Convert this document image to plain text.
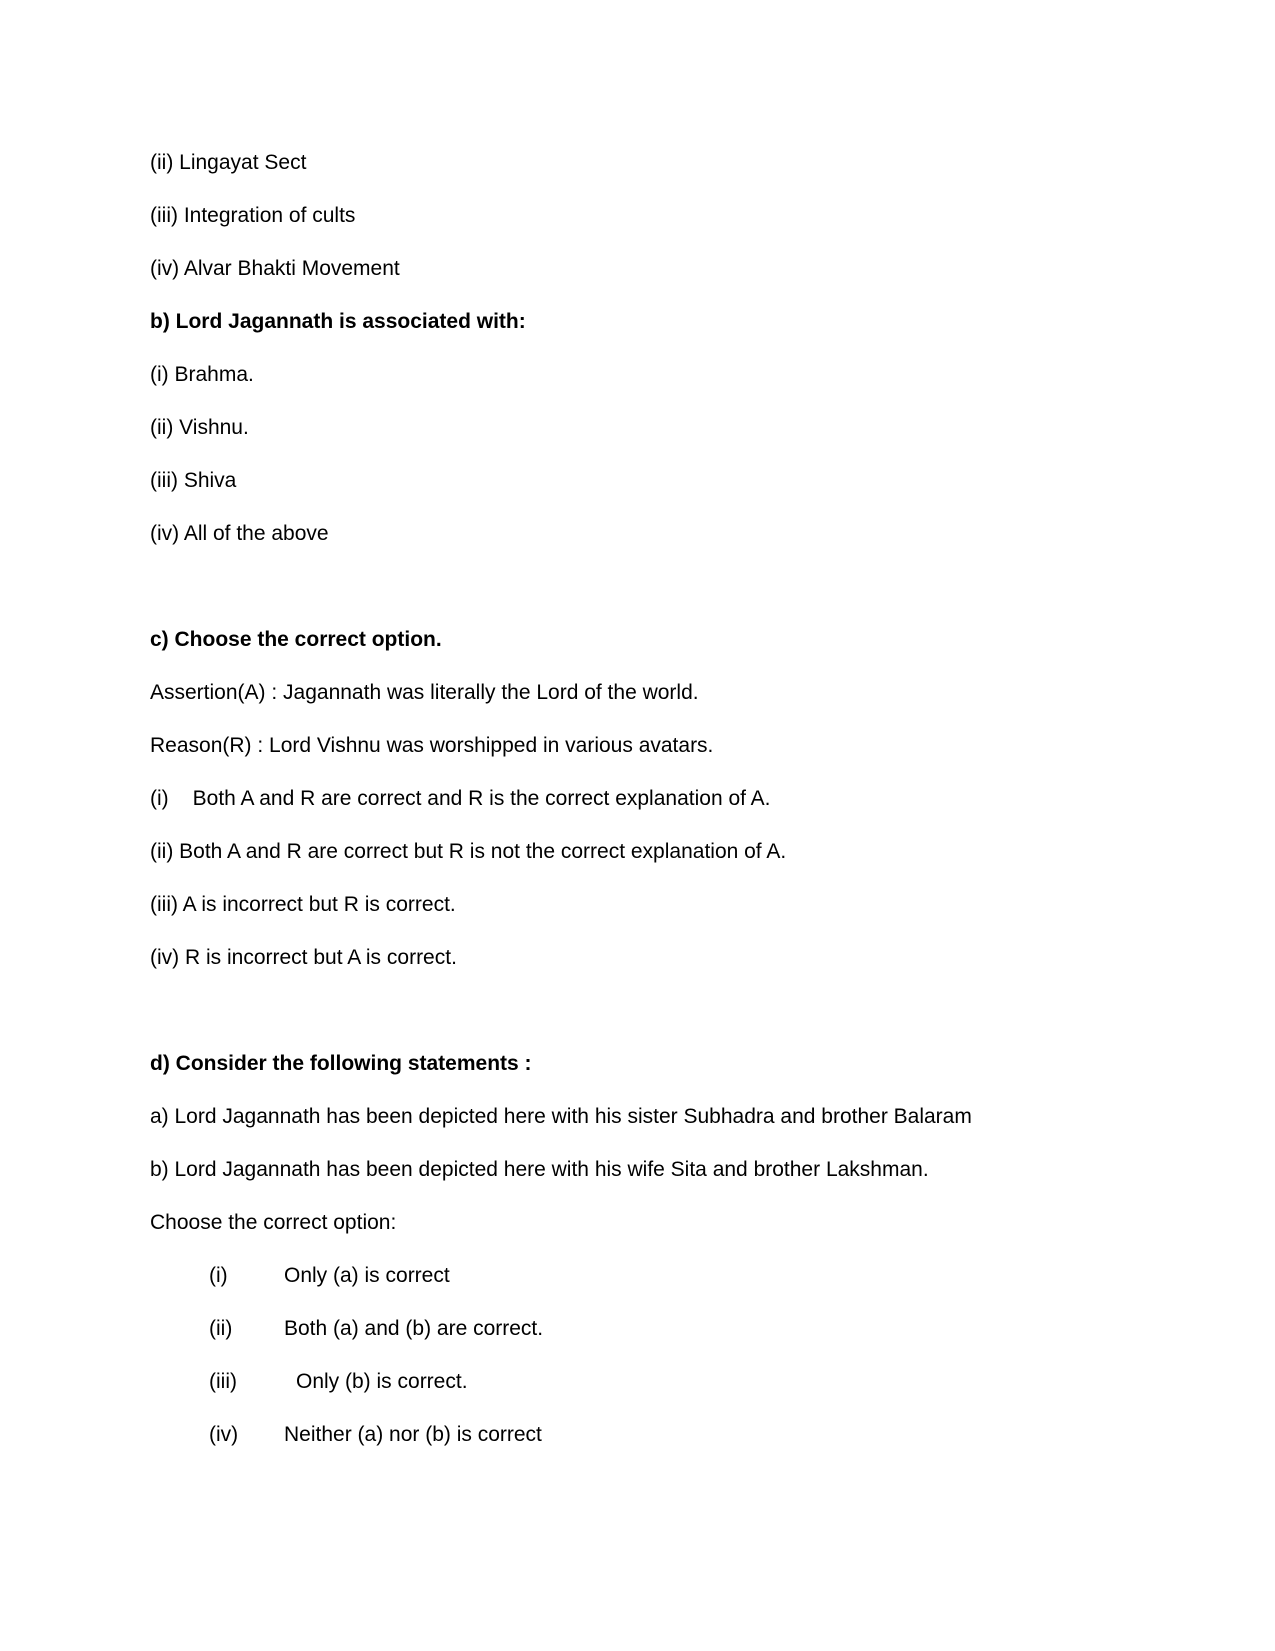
(ii) Lingayat Sect
(iii) Integration of cults
(iv) Alvar Bhakti Movement
b) Lord Jagannath is associated with:
(i) Brahma.
(ii) Vishnu.
(iii) Shiva
(iv) All of the above
c) Choose the correct option.
Assertion(A) : Jagannath was literally the Lord of the world.
Reason(R) : Lord Vishnu was worshipped in various avatars.
(i) Both A and R are correct and R is the correct explanation of A.
(ii) Both A and R are correct but R is not the correct explanation of A.
(iii) A is incorrect but R is correct.
(iv) R is incorrect but A is correct.
d) Consider the following statements :
a) Lord Jagannath has been depicted here with his sister Subhadra and brother Balaram
b) Lord Jagannath has been depicted here with his wife Sita and brother Lakshman.
Choose the correct option:
(i)	Only (a) is correct
(ii) Both (a) and (b) are correct.
(iii)	Only (b) is correct.
(iv) Neither (a) nor (b) is correct
